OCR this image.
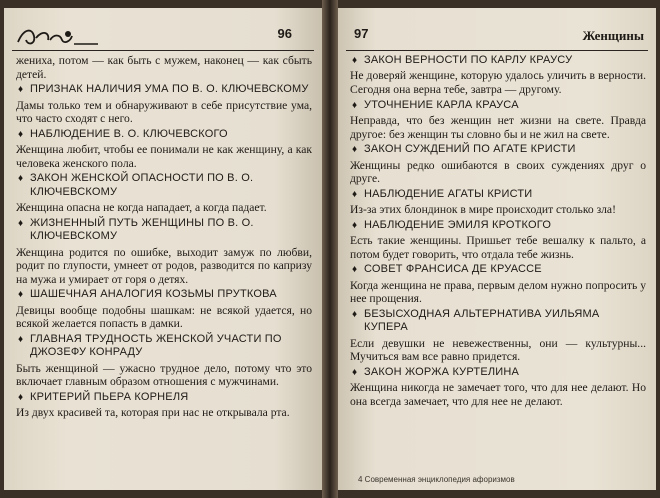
96
жениха, потом — как быть с мужем, наконец — как сбыть детей.
♦ ПРИЗНАК НАЛИЧИЯ УМА ПО В. О. КЛЮЧЕВСКОМУ
Дамы только тем и обнаруживают в себе присутствие ума, что часто сходят с него.
♦ НАБЛЮДЕНИЕ В. О. КЛЮЧЕВСКОГО
Женщина любит, чтобы ее понимали не как женщину, а как человека женского пола.
♦ ЗАКОН ЖЕНСКОЙ ОПАСНОСТИ ПО В. О. КЛЮЧЕВСКОМУ
Женщина опасна не когда нападает, а когда падает.
♦ ЖИЗНЕННЫЙ ПУТЬ ЖЕНЩИНЫ ПО В. О. КЛЮЧЕВСКОМУ
Женщина родится по ошибке, выходит замуж по любви, родит по глупости, умнеет от родов, разводится по капризу на мужа и умирает от горя о детях.
♦ ШАШЕЧНАЯ АНАЛОГИЯ КОЗЬМЫ ПРУТКОВА
Девицы вообще подобны шашкам: не всякой удается, но всякой желается попасть в дамки.
♦ ГЛАВНАЯ ТРУДНОСТЬ ЖЕНСКОЙ УЧАСТИ ПО ДЖОЗЕФУ КОНРАДУ
Быть женщиной — ужасно трудное дело, потому что это включает главным образом отношения с мужчинами.
♦ КРИТЕРИЙ ПЬЕРА КОРНЕЛЯ
Из двух красивей та, которая при нас не открывала рта.
97	Женщины
♦ ЗАКОН ВЕРНОСТИ ПО КАРЛУ КРАУСУ
Не доверяй женщине, которую удалось уличить в верности. Сегодня она верна тебе, завтра — другому.
♦ УТОЧНЕНИЕ КАРЛА КРАУСА
Неправда, что без женщин нет жизни на свете. Правда другое: без женщин ты словно бы и не жил на свете.
♦ ЗАКОН СУЖДЕНИЙ ПО АГАТЕ КРИСТИ
Женщины редко ошибаются в своих суждениях друг о друге.
♦ НАБЛЮДЕНИЕ АГАТЫ КРИСТИ
Из-за этих блондинок в мире происходит столько зла!
♦ НАБЛЮДЕНИЕ ЭМИЛЯ КРОТКОГО
Есть такие женщины. Пришьет тебе вешалку к пальто, а потом будет говорить, что отдала тебе жизнь.
♦ СОВЕТ ФРАНСИСА ДЕ КРУАССЕ
Когда женщина не права, первым делом нужно попросить у нее прощения.
♦ БЕЗЫСХОДНАЯ АЛЬТЕРНАТИВА УИЛЬЯМА КУПЕРА
Если девушки не невежественны, они — культурны... Мучиться вам все равно придется.
♦ ЗАКОН ЖОРЖА КУРТЕЛИНА
Женщина никогда не замечает того, что для нее делают. Но она всегда замечает, что для нее не делают.
4 Современная энциклопедия афоризмов
